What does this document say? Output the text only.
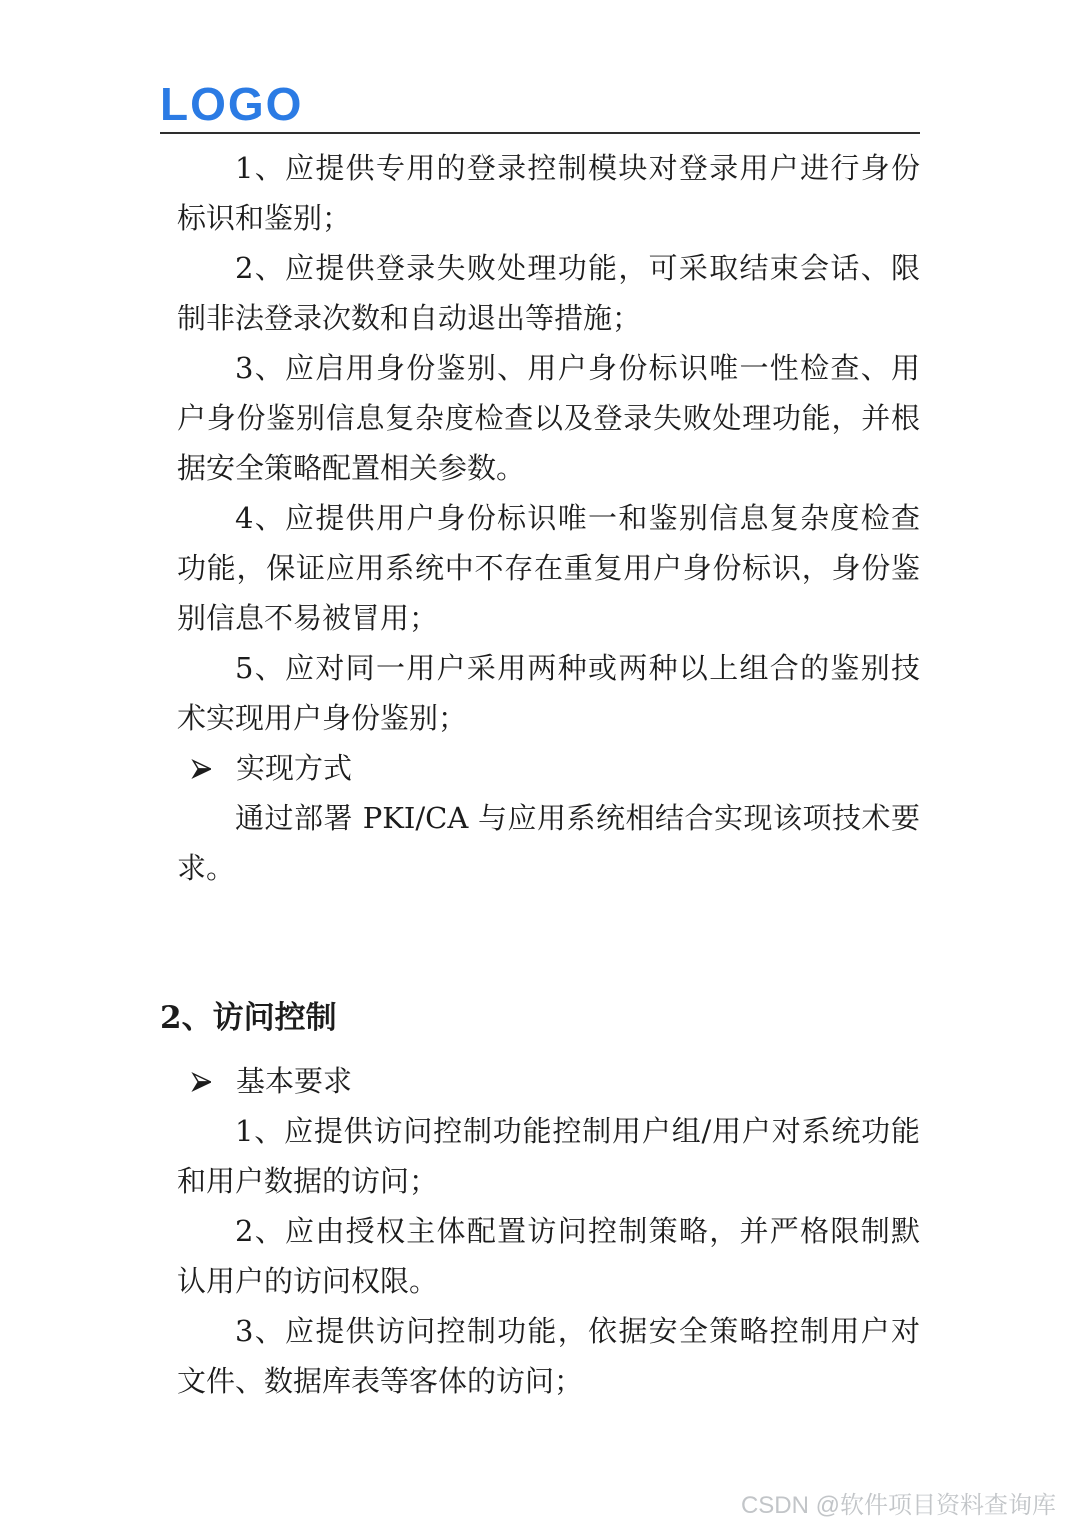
LOGO

1、应提供专用的登录控制模块对登录用户进行身份标识和鉴别；

2、应提供登录失败处理功能，可采取结束会话、限制非法登录次数和自动退出等措施；

3、应启用身份鉴别、用户身份标识唯一性检查、用户身份鉴别信息复杂度检查以及登录失败处理功能，并根据安全策略配置相关参数。

4、应提供用户身份标识唯一和鉴别信息复杂度检查功能，保证应用系统中不存在重复用户身份标识，身份鉴别信息不易被冒用；

5、应对同一用户采用两种或两种以上组合的鉴别技术实现用户身份鉴别；

实现方式

通过部署 PKI/CA 与应用系统相结合实现该项技术要求。

2、访问控制
基本要求

1、应提供访问控制功能控制用户组/用户对系统功能和用户数据的访问；

2、应由授权主体配置访问控制策略，并严格限制默认用户的访问权限。

3、应提供访问控制功能，依据安全策略控制用户对文件、数据库表等客体的访问；

CSDN @软件项目资料查询库
